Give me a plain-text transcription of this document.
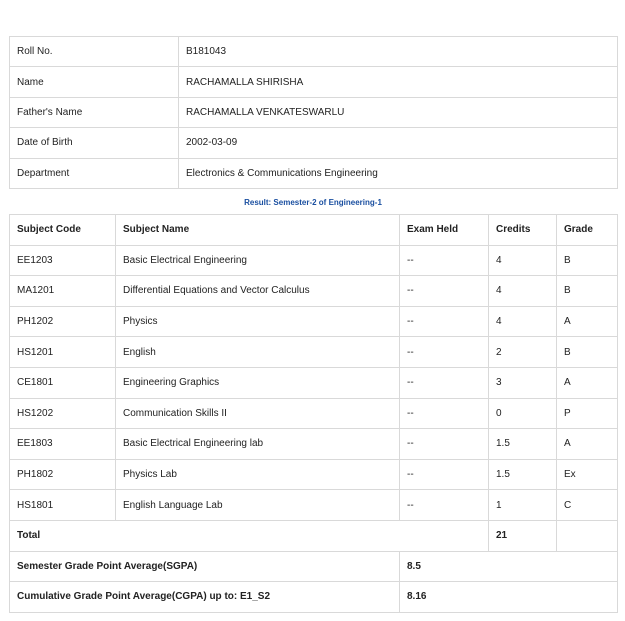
Roll No.	B181043
Name	RACHAMALLA SHIRISHA
Father's Name	RACHAMALLA VENKATESWARLU
Date of Birth	2002-03-09
Department	Electronics & Communications Engineering
Result: Semester-2 of Engineering-1
Subject Code	Subject Name	Exam Held	Credits	Grade
EE1203	Basic Electrical Engineering	--	4	B
MA1201	Differential Equations and Vector Calculus	--	4	B
PH1202	Physics	--	4	A
HS1201	English	--	2	B
CE1801	Engineering Graphics	--	3	A
HS1202	Communication Skills II	--	0	P
EE1803	Basic Electrical Engineering lab	--	1.5	A
PH1802	Physics Lab	--	1.5	Ex
HS1801	English Language Lab	--	1	C
Total			21	
Semester Grade Point Average(SGPA)		8.5		
Cumulative Grade Point Average(CGPA) up to: E1_S2		8.16		
